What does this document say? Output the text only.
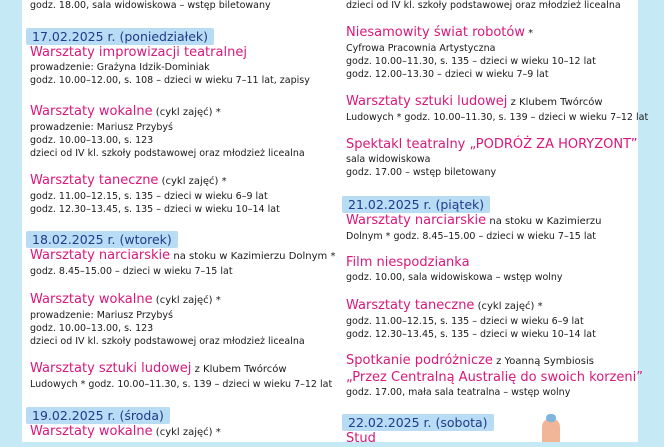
godz. 18.00, sala widowiskowa – wstęp biletowany
17.02.2025 r. (poniedziałek)
Warsztaty improwizacji teatralnej
prowadzenie: Grażyna Idzik-Dominiak
godz. 10.00–12.00, s. 108 – dzieci w wieku 7–11 lat, zapisy
Warsztaty wokalne (cykl zajęć) *
prowadzenie: Mariusz Przybyś
godz. 10.00–13.00, s. 123
dzieci od IV kl. szkoły podstawowej oraz młodzież licealna
Warsztaty taneczne (cykl zajęć) *
godz. 11.00–12.15, s. 135 – dzieci w wieku 6–9 lat
godz. 12.30–13.45, s. 135 – dzieci w wieku 10–14 lat
18.02.2025 r. (wtorek)
Warsztaty narciarskie na stoku w Kazimierzu Dolnym *
godz. 8.45–15.00 – dzieci w wieku 7–15 lat
Warsztaty wokalne (cykl zajęć) *
prowadzenie: Mariusz Przybyś
godz. 10.00–13.00, s. 123
dzieci od IV kl. szkoły podstawowej oraz młodzież licealna
Warsztaty sztuki ludowej z Klubem Twórców
Ludowych * godz. 10.00–11.30, s. 139 – dzieci w wieku 7–12 lat
19.02.2025 r. (środa)
Warsztaty wokalne (cykl zajęć) *
dzieci od IV kl. szkoły podstawowej oraz młodzież licealna
Niesamowity świat robotów *
Cyfrowa Pracownia Artystyczna
godz. 10.00–11.30, s. 135 – dzieci w wieku 10–12 lat
godz. 12.00–13.30 – dzieci w wieku 7–9 lat
Warsztaty sztuki ludowej z Klubem Twórców
Ludowych * godz. 10.00–11.30, s. 139 – dzieci w wieku 7–12 lat
Spektakl teatralny „PODRÓŻ ZA HORYZONT”
sala widowiskowa
godz. 17.00 – wstęp biletowany
21.02.2025 r. (piątek)
Warsztaty narciarskie na stoku w Kazimierzu
Dolnym * godz. 8.45–15.00 – dzieci w wieku 7–15 lat
Film niespodzianka
godz. 10.00, sala widowiskowa – wstęp wolny
Warsztaty taneczne (cykl zajęć) *
godz. 11.00–12.15, s. 135 – dzieci w wieku 6–9 lat
godz. 12.30–13.45, s. 135 – dzieci w wieku 10–14 lat
Spotkanie podróżnicze z Yoanną Symbiosis
„Przez Centralną Australię do swoich korzeni”
godz. 17.00, mała sala teatralna – wstęp wolny
22.02.2025 r. (sobota)
Stud
